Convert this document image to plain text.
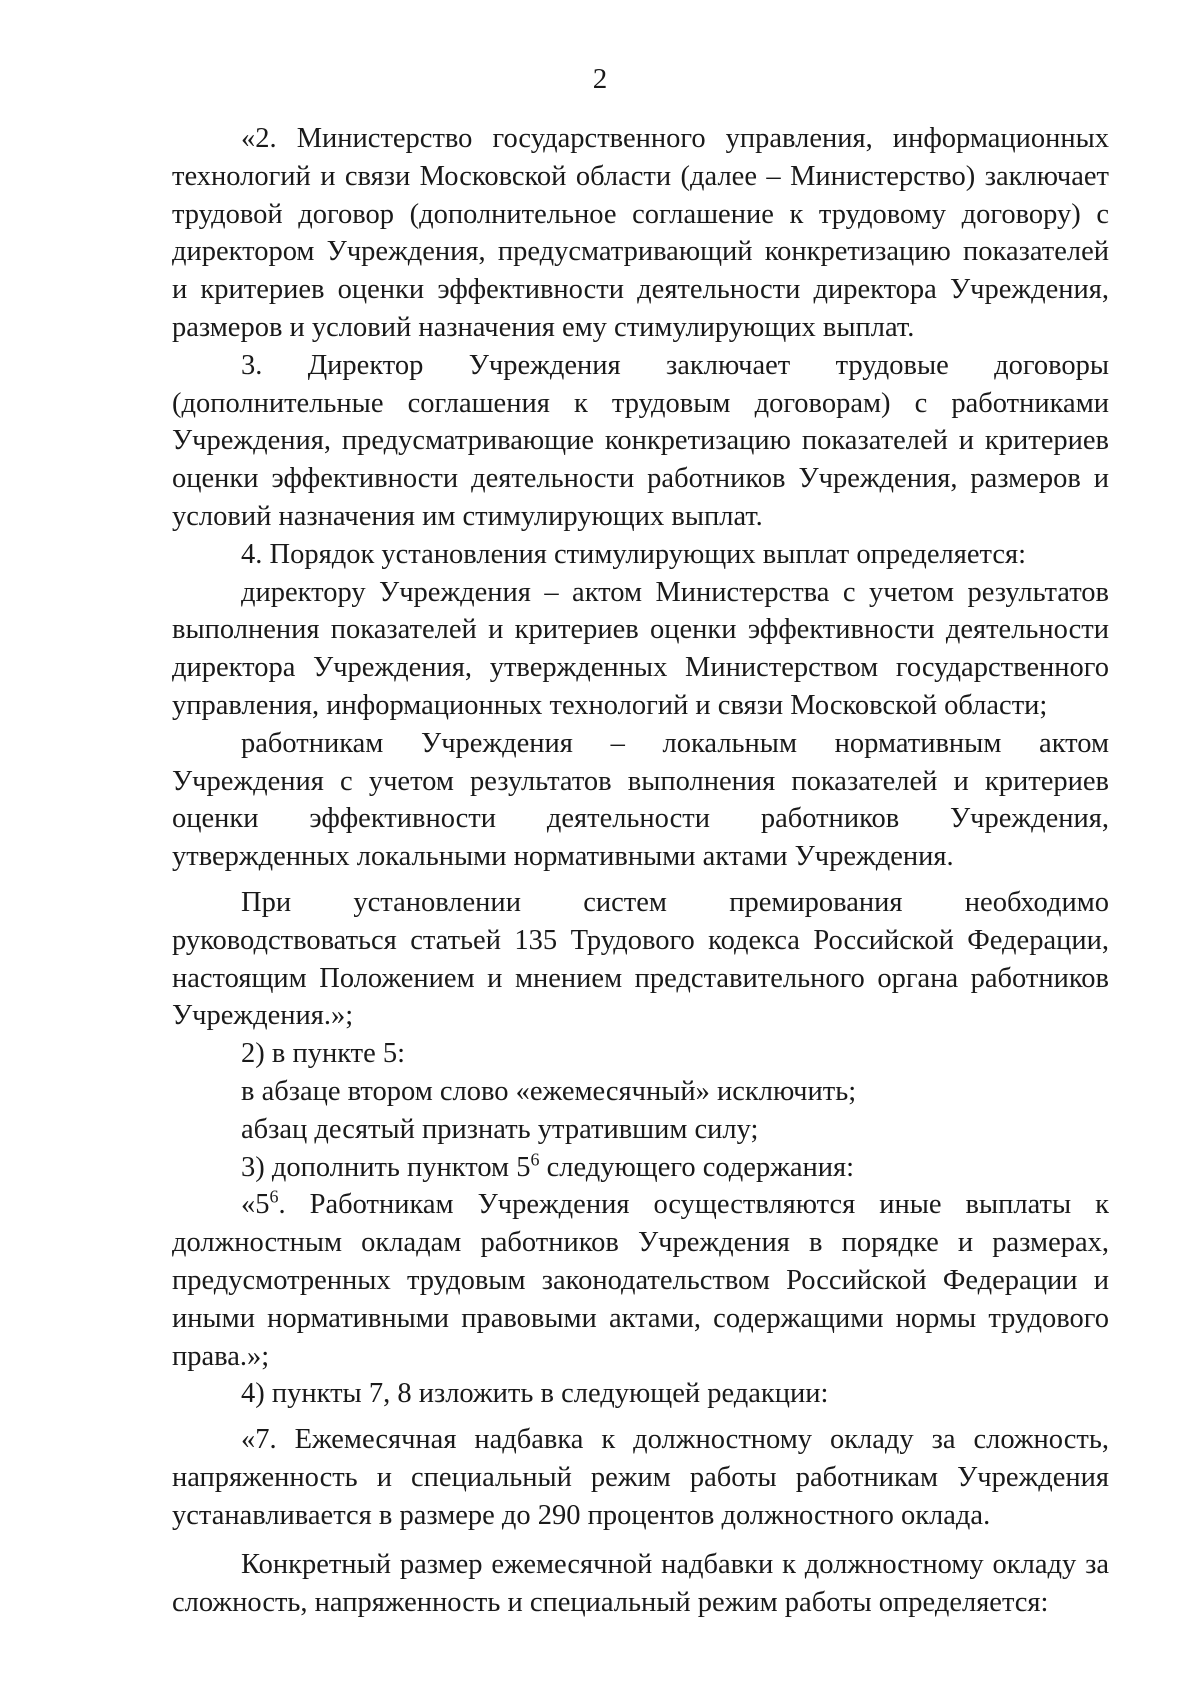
2

«2. Министерство государственного управления, информационных технологий и связи Московской области (далее – Министерство) заключает трудовой договор (дополнительное соглашение к трудовому договору) с директором Учреждения, предусматривающий конкретизацию показателей и критериев оценки эффективности деятельности директора Учреждения, размеров и условий назначения ему стимулирующих выплат.

3. Директор Учреждения заключает трудовые договоры (дополнительные соглашения к трудовым договорам) с работниками Учреждения, предусматривающие конкретизацию показателей и критериев оценки эффективности деятельности работников Учреждения, размеров и условий назначения им стимулирующих выплат.

4. Порядок установления стимулирующих выплат определяется:

директору Учреждения – актом Министерства с учетом результатов выполнения показателей и критериев оценки эффективности деятельности директора Учреждения, утвержденных Министерством государственного управления, информационных технологий и связи Московской области;

работникам Учреждения – локальным нормативным актом Учреждения с учетом результатов выполнения показателей и критериев оценки эффективности деятельности работников Учреждения, утвержденных локальными нормативными актами Учреждения.

При установлении систем премирования необходимо руководствоваться статьей 135 Трудового кодекса Российской Федерации, настоящим Положением и мнением представительного органа работников Учреждения.»;

2) в пункте 5:

в абзаце втором слово «ежемесячный» исключить;

абзац десятый признать утратившим силу;

3) дополнить пунктом $5^6$ следующего содержания:

«$5^6$. Работникам Учреждения осуществляются иные выплаты к должностным окладам работников Учреждения в порядке и размерах, предусмотренных трудовым законодательством Российской Федерации и иными нормативными правовыми актами, содержащими нормы трудового права.»;

4) пункты 7, 8 изложить в следующей редакции:

«7. Ежемесячная надбавка к должностному окладу за сложность, напряженность и специальный режим работы работникам Учреждения устанавливается в размере до 290 процентов должностного оклада.

Конкретный размер ежемесячной надбавки к должностному окладу за сложность, напряженность и специальный режим работы определяется:
